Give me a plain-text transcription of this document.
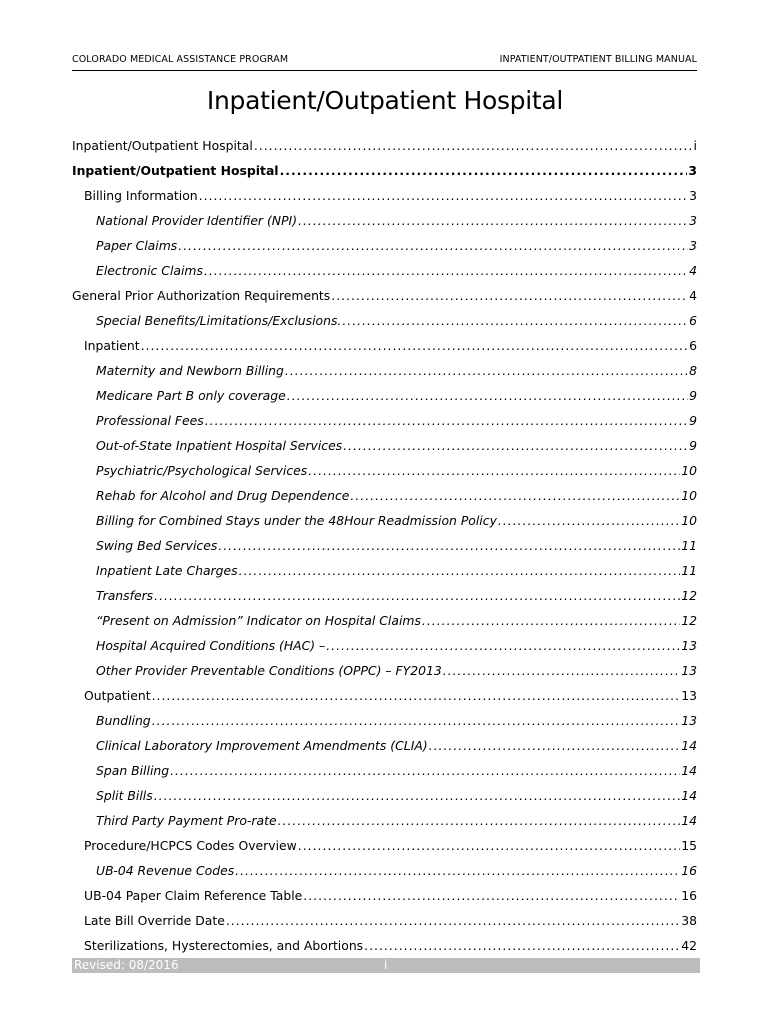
COLORADO MEDICAL ASSISTANCE PROGRAM	INPATIENT/OUTPATIENT BILLING MANUAL
Inpatient/Outpatient Hospital
Inpatient/Outpatient Hospital .....	i
Inpatient/Outpatient Hospital .....	3
Billing Information .....	3
National Provider Identifier (NPI) .....	3
Paper Claims .....	3
Electronic Claims .....	4
General Prior Authorization Requirements .....	4
Special Benefits/Limitations/Exclusions. .....	6
Inpatient .....	6
Maternity and Newborn Billing .....	8
Medicare Part B only coverage .....	9
Professional Fees .....	9
Out-of-State Inpatient Hospital Services .....	9
Psychiatric/Psychological Services .....	10
Rehab for Alcohol and Drug Dependence .....	10
Billing for Combined Stays under the 48Hour Readmission Policy .....	10
Swing Bed Services .....	11
Inpatient Late Charges .....	11
Transfers .....	12
“Present on Admission” Indicator on Hospital Claims .....	12
Hospital Acquired Conditions (HAC) – .....	13
Other Provider Preventable Conditions (OPPC) – FY2013 .....	13
Outpatient .....	13
Bundling .....	13
Clinical Laboratory Improvement Amendments (CLIA) .....	14
Span Billing .....	14
Split Bills .....	14
Third Party Payment Pro-rate .....	14
Procedure/HCPCS Codes Overview .....	15
UB-04 Revenue Codes .....	16
UB-04 Paper Claim Reference Table .....	16
Late Bill Override Date .....	38
Sterilizations, Hysterectomies, and Abortions .....	42
Revised: 08/2016	i
